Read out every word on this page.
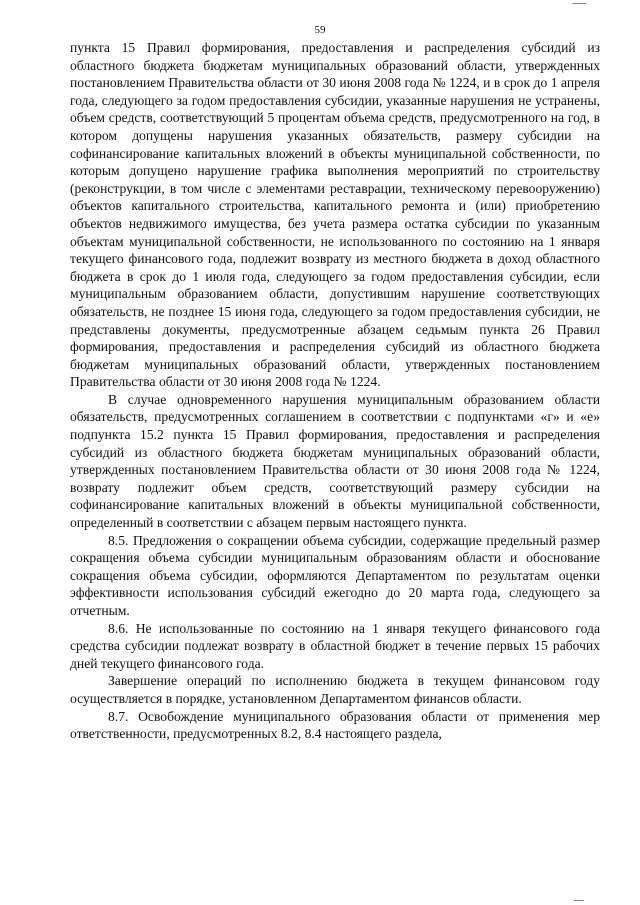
59

пункта 15 Правил формирования, предоставления и распределения субсидий из областного бюджета бюджетам муниципальных образований области, утвержденных постановлением Правительства области от 30 июня 2008 года № 1224, и в срок до 1 апреля года, следующего за годом предоставления субсидии, указанные нарушения не устранены, объем средств, соответствующий 5 процентам объема средств, предусмотренного на год, в котором допущены нарушения указанных обязательств, размеру субсидии на софинансирование капитальных вложений в объекты муниципальной собственности, по которым допущено нарушение графика выполнения мероприятий по строительству (реконструкции, в том числе с элементами реставрации, техническому перевооружению) объектов капитального строительства, капитального ремонта и (или) приобретению объектов недвижимого имущества, без учета размера остатка субсидии по указанным объектам муниципальной собственности, не использованного по состоянию на 1 января текущего финансового года, подлежит возврату из местного бюджета в доход областного бюджета в срок до 1 июля года, следующего за годом предоставления субсидии, если муниципальным образованием области, допустившим нарушение соответствующих обязательств, не позднее 15 июня года, следующего за годом предоставления субсидии, не представлены документы, предусмотренные абзацем седьмым пункта 26 Правил формирования, предоставления и распределения субсидий из областного бюджета бюджетам муниципальных образований области, утвержденных постановлением Правительства области от 30 июня 2008 года № 1224.

В случае одновременного нарушения муниципальным образованием области обязательств, предусмотренных соглашением в соответствии с подпунктами «г» и «е» подпункта 15.2 пункта 15 Правил формирования, предоставления и распределения субсидий из областного бюджета бюджетам муниципальных образований области, утвержденных постановлением Правительства области от 30 июня 2008 года № 1224, возврату подлежит объем средств, соответствующий размеру субсидии на софинансирование капитальных вложений в объекты муниципальной собственности, определенный в соответствии с абзацем первым настоящего пункта.

8.5. Предложения о сокращении объема субсидии, содержащие предельный размер сокращения объема субсидии муниципальным образованиям области и обоснование сокращения объема субсидии, оформляются Департаментом по результатам оценки эффективности использования субсидий ежегодно до 20 марта года, следующего за отчетным.

8.6. Не использованные по состоянию на 1 января текущего финансового года средства субсидии подлежат возврату в областной бюджет в течение первых 15 рабочих дней текущего финансового года.

Завершение операций по исполнению бюджета в текущем финансовом году осуществляется в порядке, установленном Департаментом финансов области.

8.7. Освобождение муниципального образования области от применения мер ответственности, предусмотренных 8.2, 8.4 настоящего раздела,
